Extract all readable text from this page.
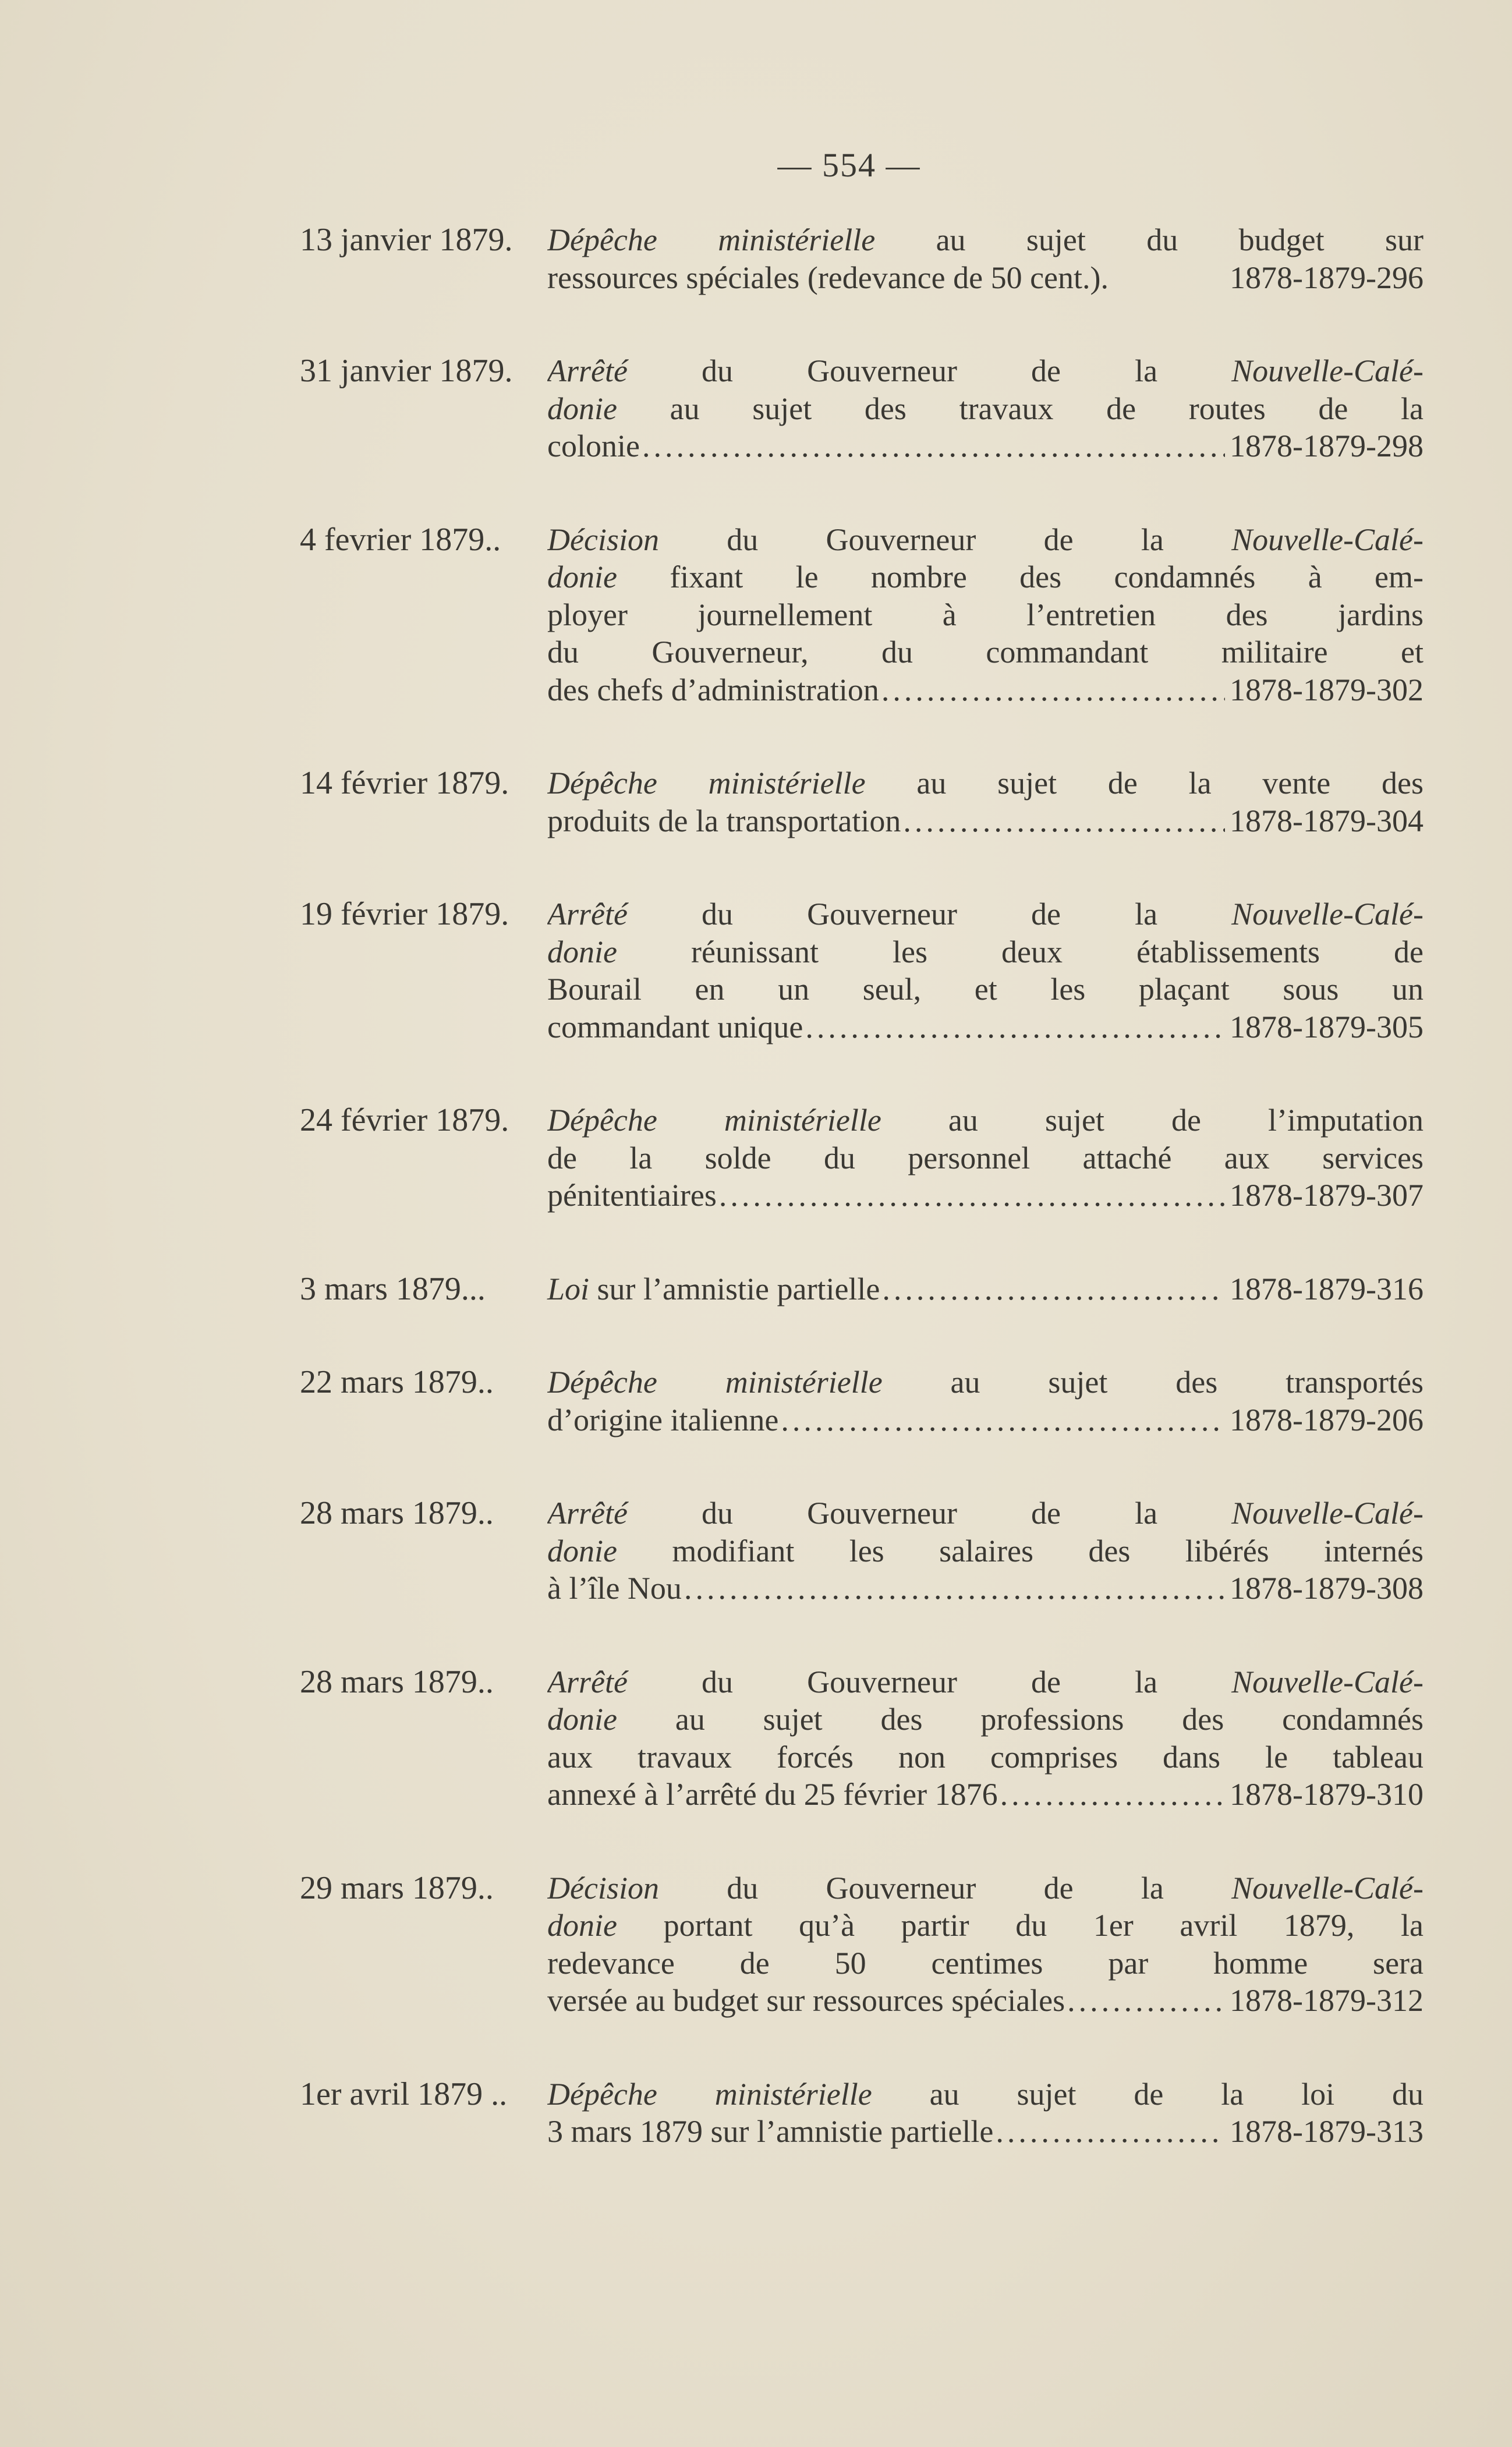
— 554 —
13 janvier 1879.	Dépêche ministérielle au sujet du budget sur
ressources spéciales (redevance de 50 cent.).	1878-1879-296
31 janvier 1879.	Arrêté du Gouverneur de la Nouvelle-Calé-
donie au sujet des travaux de routes de la
colonie .....	1878-1879-298
4 fevrier 1879..	Décision du Gouverneur de la Nouvelle-Calé-
donie fixant le nombre des condamnés à em-
ployer journellement à l’entretien des jardins
du Gouverneur, du commandant militaire et
des chefs d’administration .....	1878-1879-302
14 février 1879.	Dépêche ministérielle au sujet de la vente des
produits de la transportation .....	1878-1879-304
19 février 1879.	Arrêté du Gouverneur de la Nouvelle-Calé-
donie réunissant les deux établissements de
Bourail en un seul, et les plaçant sous un
commandant unique .....	1878-1879-305
24 février 1879.	Dépêche ministérielle au sujet de l’imputation
de la solde du personnel attaché aux services
pénitentiaires .....	1878-1879-307
3 mars 1879...	Loi sur l’amnistie partielle .....	1878-1879-316
22 mars 1879..	Dépêche ministérielle au sujet des transportés
d’origine italienne .....	1878-1879-206
28 mars 1879..	Arrêté du Gouverneur de la Nouvelle-Calé-
donie modifiant les salaires des libérés internés
à l’île Nou .....	1878-1879-308
28 mars 1879..	Arrêté du Gouverneur de la Nouvelle-Calé-
donie au sujet des professions des condamnés
aux travaux forcés non comprises dans le tableau
annexé à l’arrêté du 25 février 1876 .....	1878-1879-310
29 mars 1879..	Décision du Gouverneur de la Nouvelle-Calé-
donie portant qu’à partir du 1er avril 1879, la
redevance de 50 centimes par homme sera
versée au budget sur ressources spéciales .....	1878-1879-312
1er avril 1879 ..	Dépêche ministérielle au sujet de la loi du
3 mars 1879 sur l’amnistie partielle .....	1878-1879-313
